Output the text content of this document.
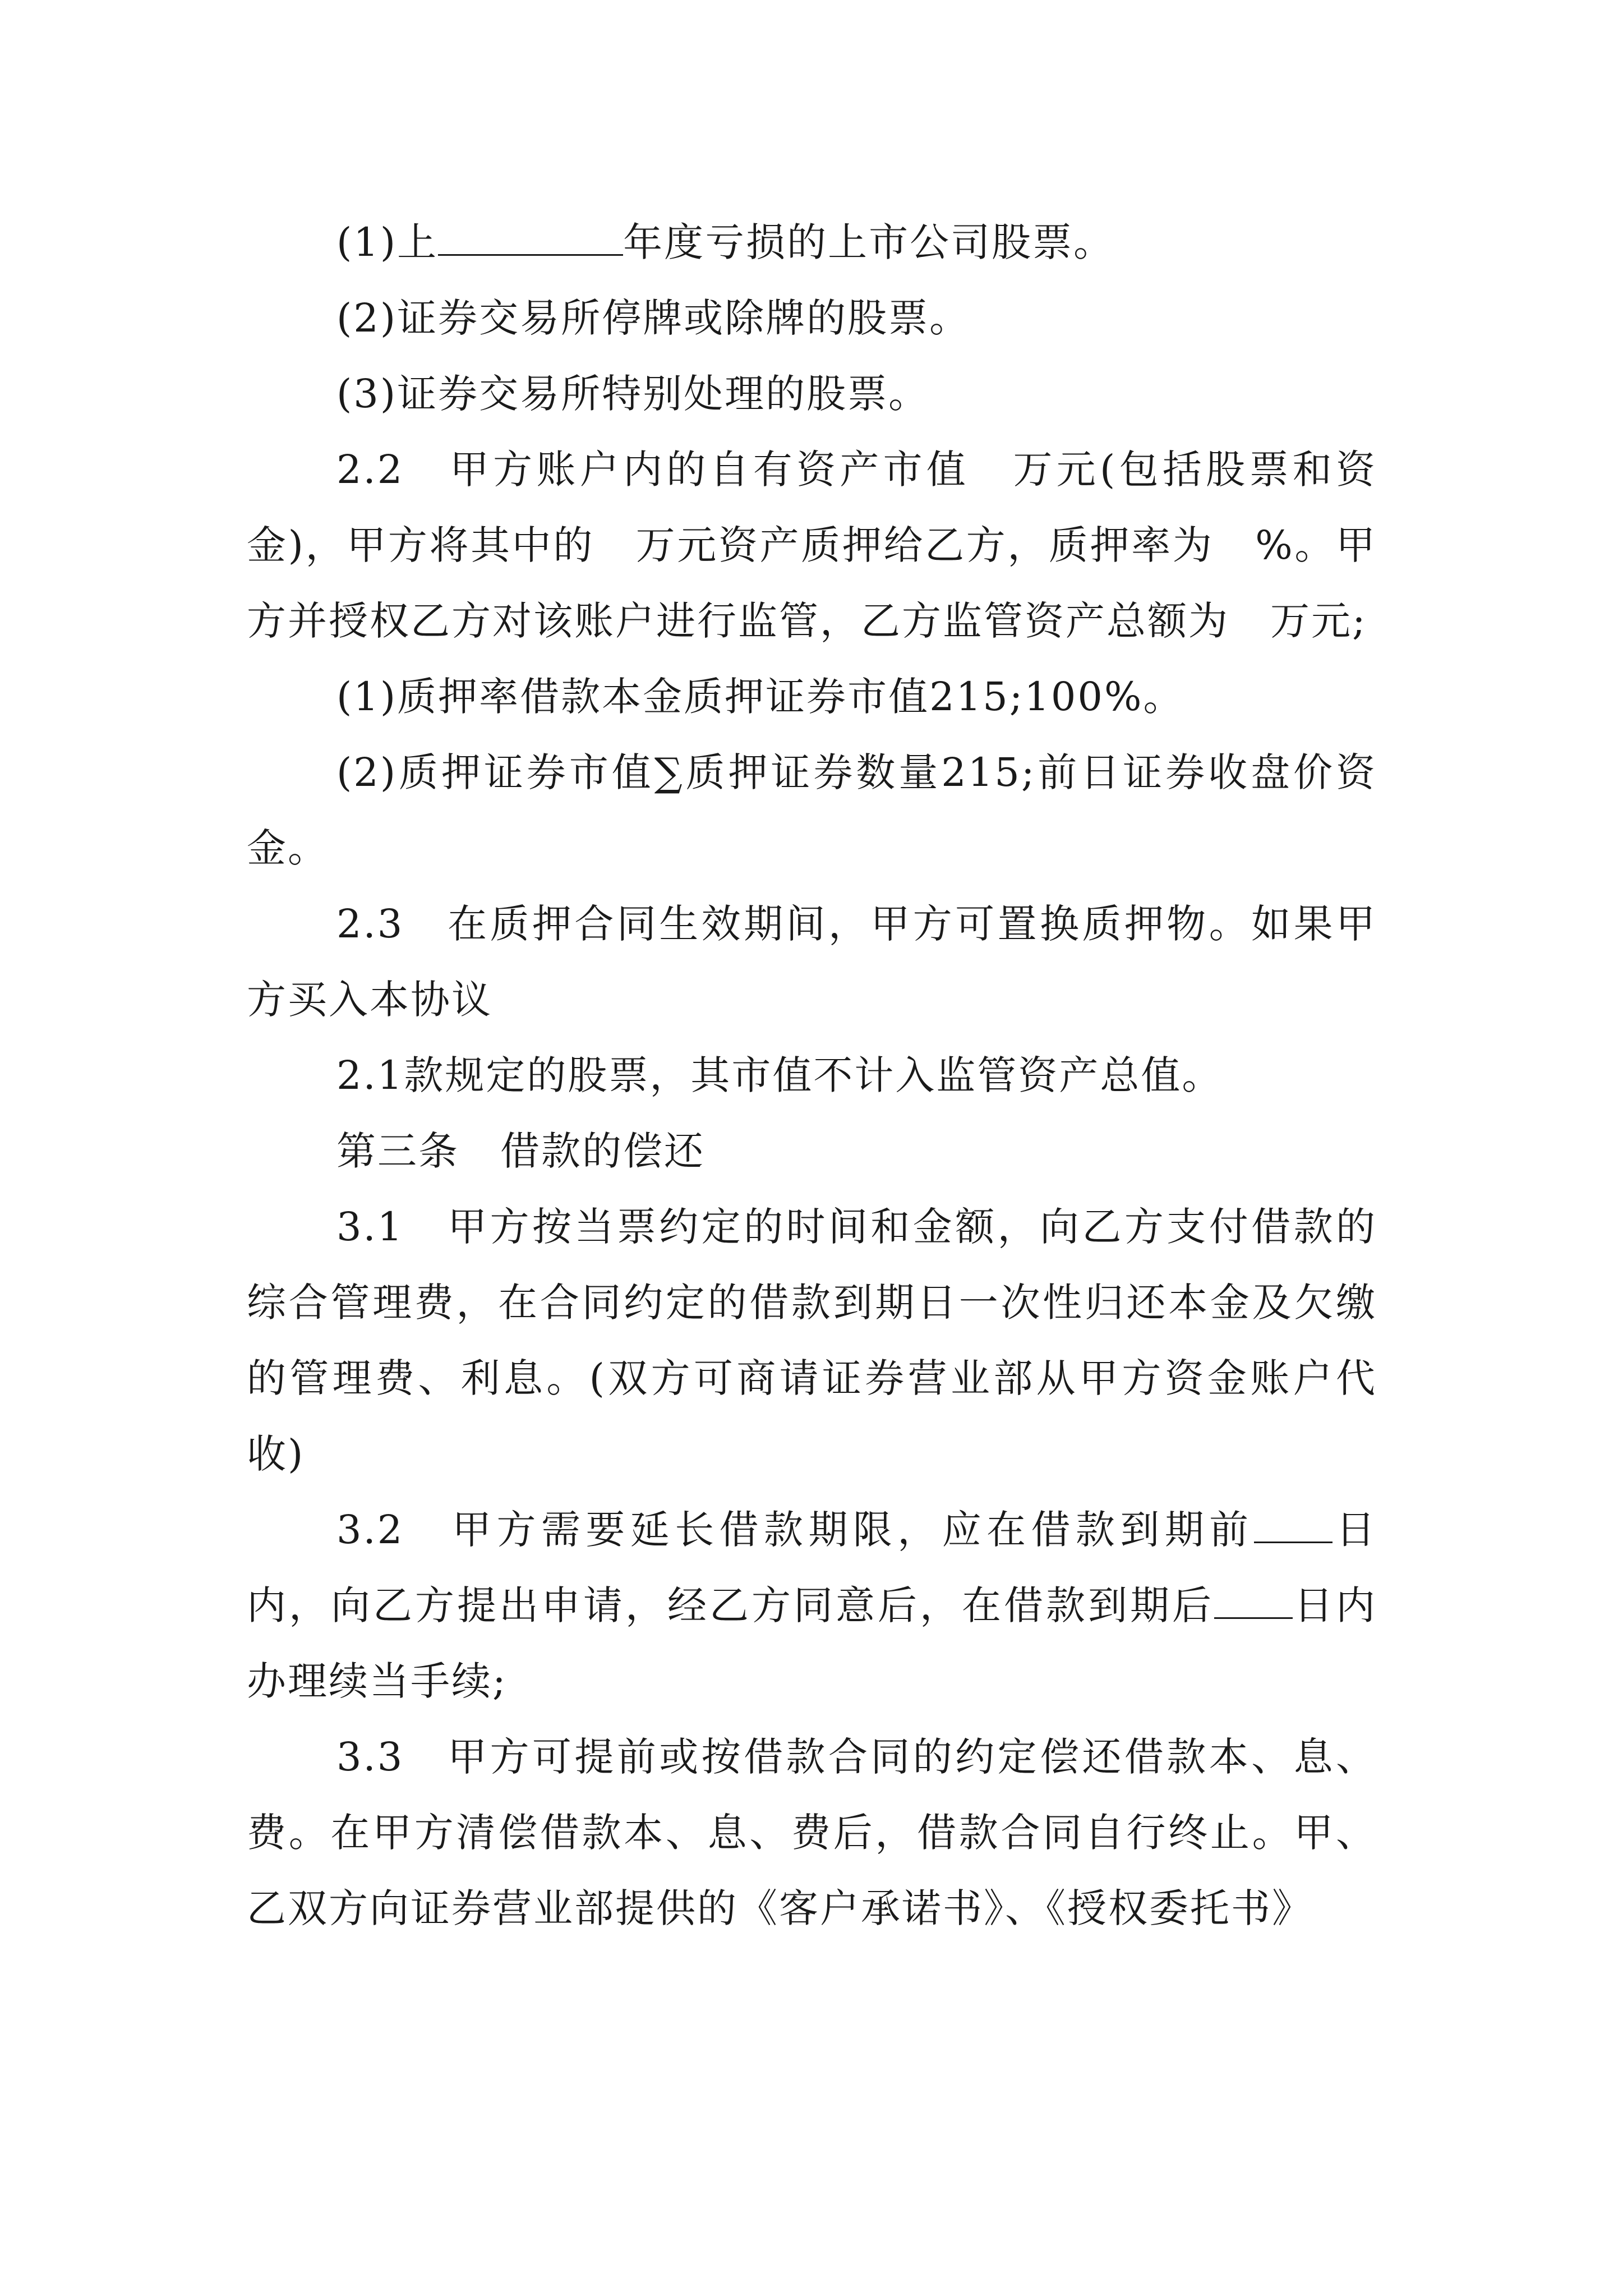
(1)上	年度亏损的上市公司股票。

(2)证券交易所停牌或除牌的股票。

(3)证券交易所特别处理的股票。

2.2　甲方账户内的自有资产市值　万元(包括股票和资金)，甲方将其中的　万元资产质押给乙方，质押率为　%。甲方并授权乙方对该账户进行监管，乙方监管资产总额为　万元;

(1)质押率借款本金质押证券市值215;100%。

(2)质押证券市值∑质押证券数量215;前日证券收盘价资金。

2.3　在质押合同生效期间，甲方可置换质押物。如果甲方买入本协议

2.1款规定的股票，其市值不计入监管资产总值。

第三条　借款的偿还

3.1　甲方按当票约定的时间和金额，向乙方支付借款的综合管理费，在合同约定的借款到期日一次性归还本金及欠缴的管理费、利息。(双方可商请证券营业部从甲方资金账户代收)

3.2　甲方需要延长借款期限，应在借款到期前 日内，向乙方提出申请，经乙方同意后，在借款到期后 日内办理续当手续;

3.3　甲方可提前或按借款合同的约定偿还借款本、息、费。在甲方清偿借款本、息、费后，借款合同自行终止。甲、乙双方向证券营业部提供的《客户承诺书》、《授权委托书》
